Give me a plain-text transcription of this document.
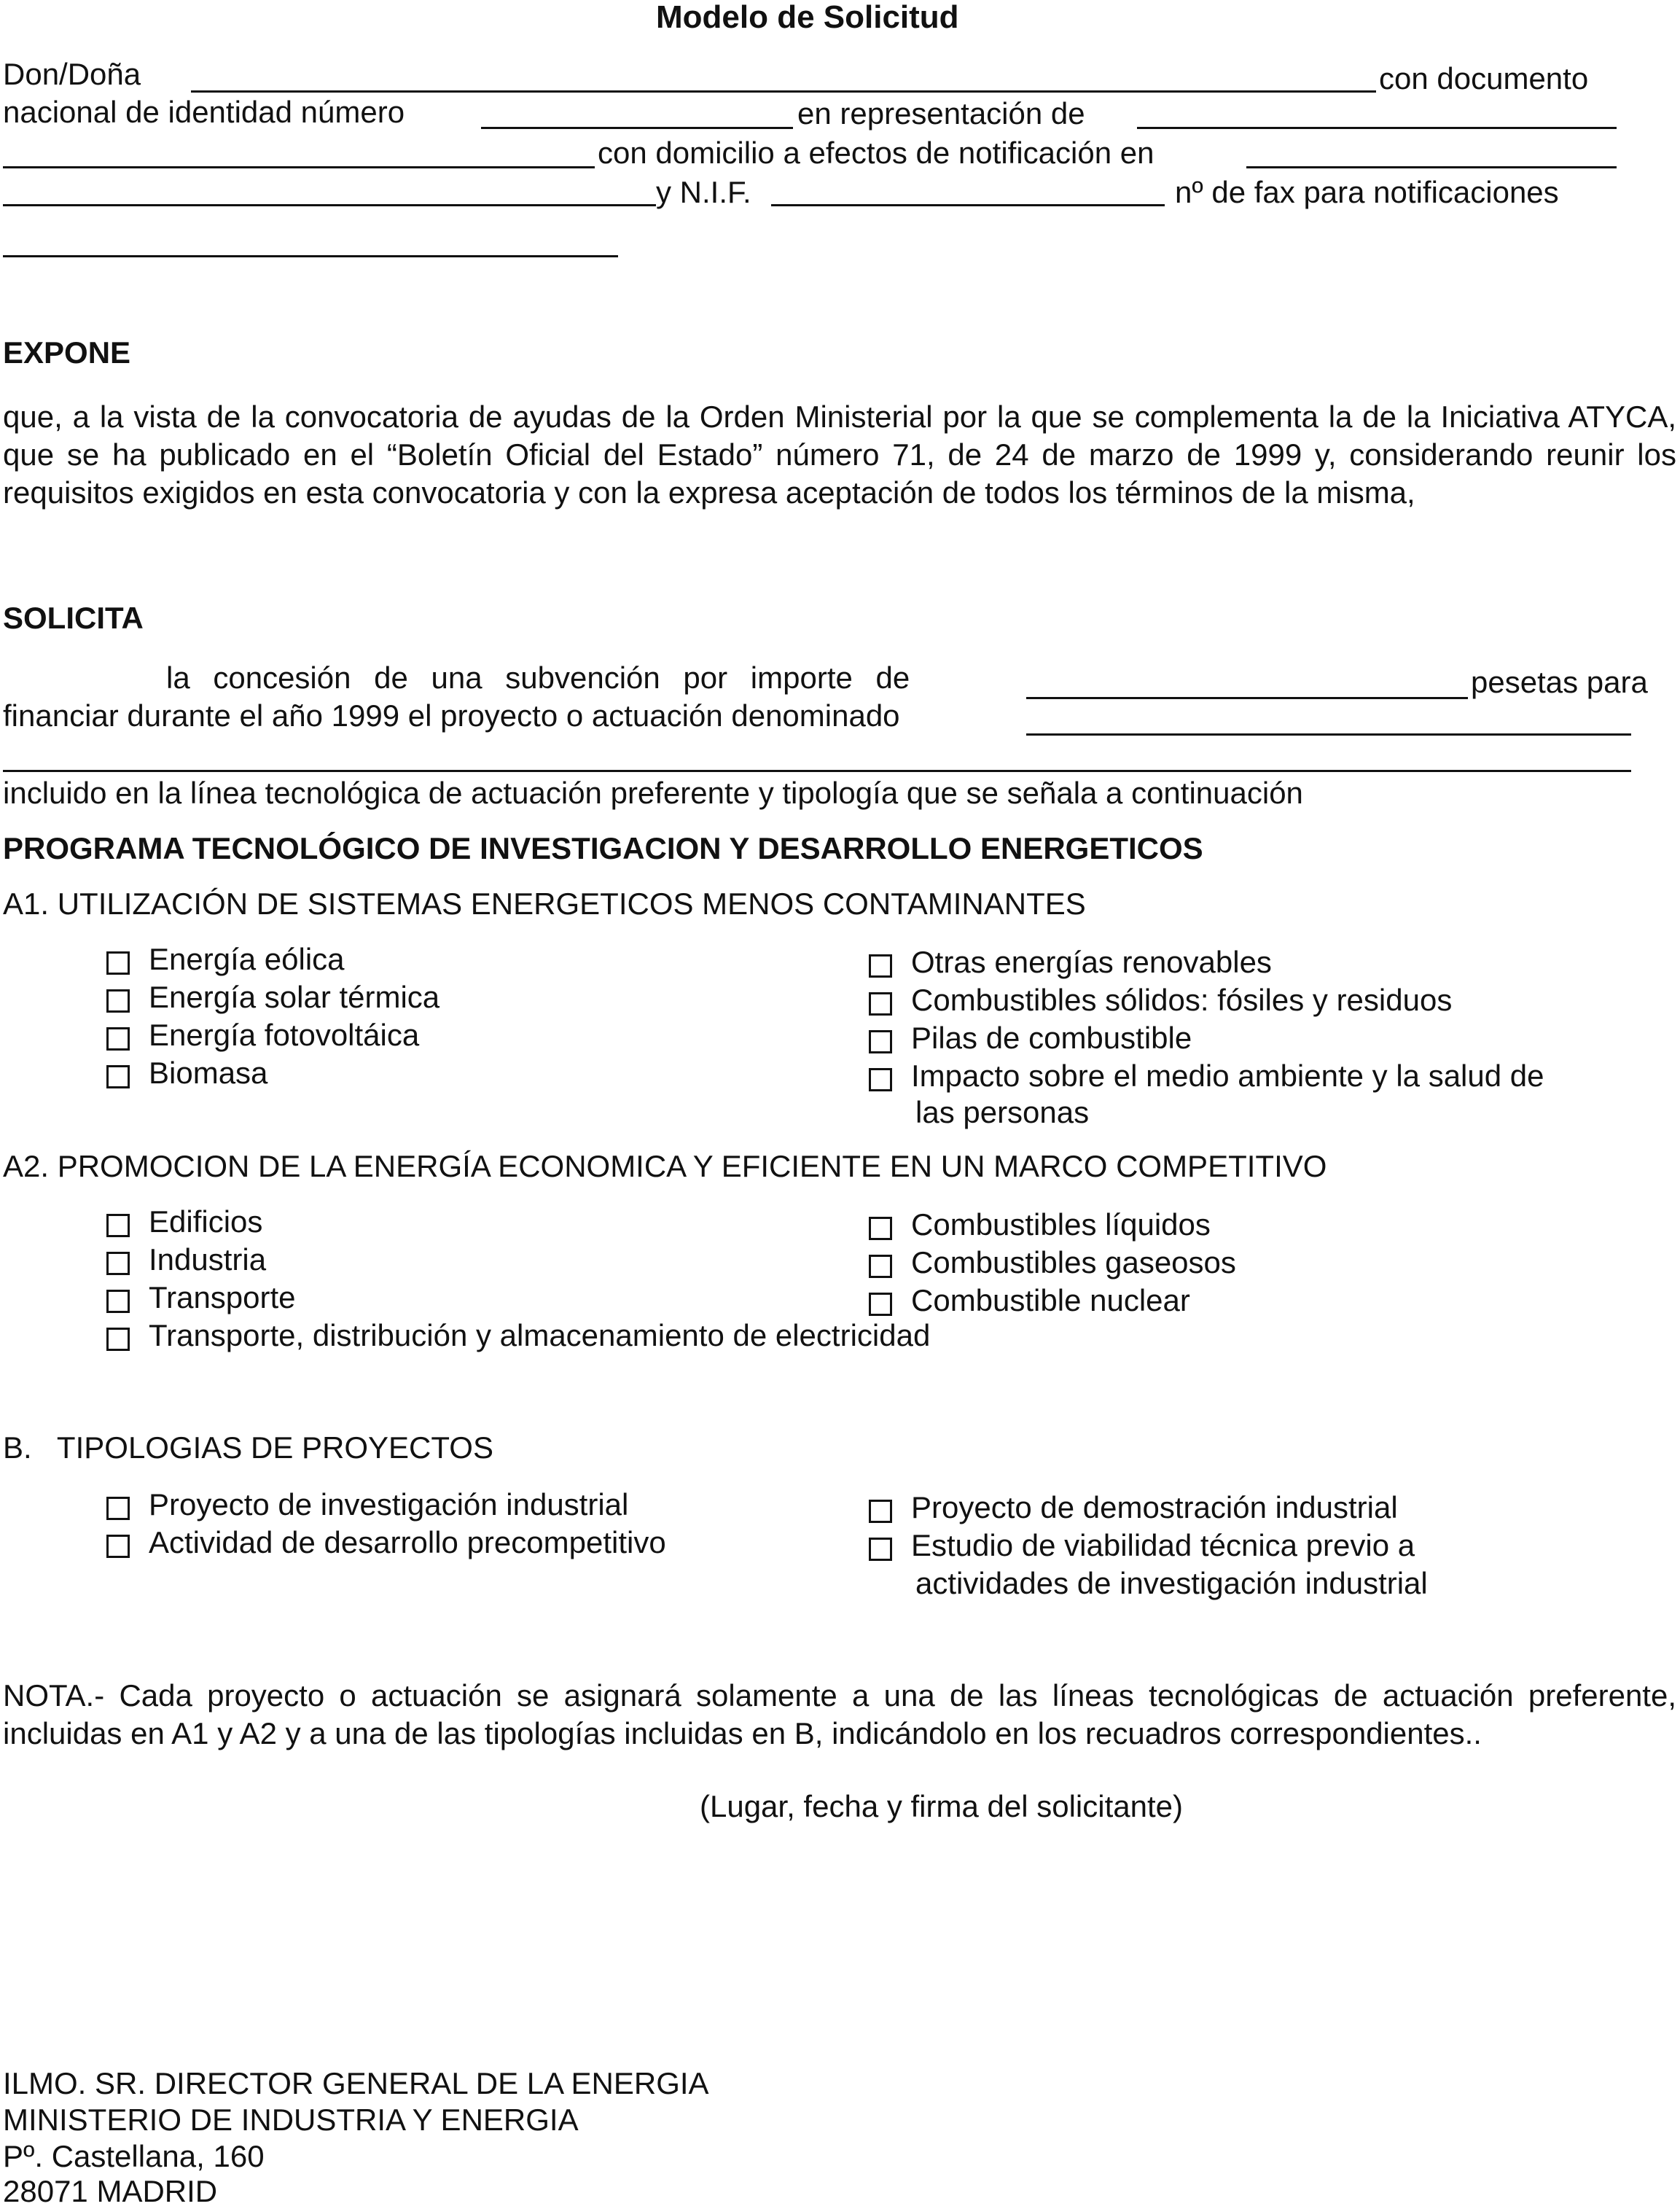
Modelo de Solicitud
Don/Doña	con documento
nacional de identidad número	en representación de
con domicilio a efectos de notificación en
y N.I.F.	nº de fax para notificaciones
EXPONE
que, a la vista de la convocatoria de ayudas de la Orden Ministerial por la que se complementa la de la Iniciativa ATYCA, que se ha publicado en el “Boletín Oficial del Estado” número 71, de 24 de marzo de 1999 y, considerando reunir los requisitos exigidos en esta convocatoria y con la expresa aceptación de todos los términos de la misma,
SOLICITA
la concesión de una subvención por importe de	pesetas para
financiar durante el año 1999 el proyecto o actuación denominado
incluido en la línea tecnológica de actuación preferente y tipología que se señala a continuación
PROGRAMA TECNOLÓGICO DE INVESTIGACION Y DESARROLLO ENERGETICOS
A1. UTILIZACIÓN DE SISTEMAS ENERGETICOS MENOS CONTAMINANTES
Energía eólica
Energía solar térmica
Energía fotovoltáica
Biomasa
Otras energías renovables
Combustibles sólidos: fósiles y residuos
Pilas de combustible
Impacto sobre el medio ambiente y la salud de
las personas
A2. PROMOCION DE LA ENERGÍA ECONOMICA Y EFICIENTE EN UN MARCO COMPETITIVO
Edificios
Industria
Transporte
Combustibles líquidos
Combustibles gaseosos
Combustible nuclear
Transporte, distribución y almacenamiento de electricidad
B.   TIPOLOGIAS DE PROYECTOS
Proyecto de investigación industrial
Actividad de desarrollo precompetitivo
Proyecto de demostración industrial
Estudio de viabilidad técnica previo a
actividades de investigación industrial
NOTA.- Cada proyecto o actuación se asignará solamente a una de las líneas tecnológicas de actuación preferente, incluidas en A1 y A2 y a una de las tipologías incluidas en B, indicándolo en los recuadros correspondientes..
(Lugar, fecha y firma del solicitante)
ILMO. SR. DIRECTOR GENERAL DE LA ENERGIA
MINISTERIO DE INDUSTRIA Y ENERGIA
Pº. Castellana, 160
28071 MADRID
